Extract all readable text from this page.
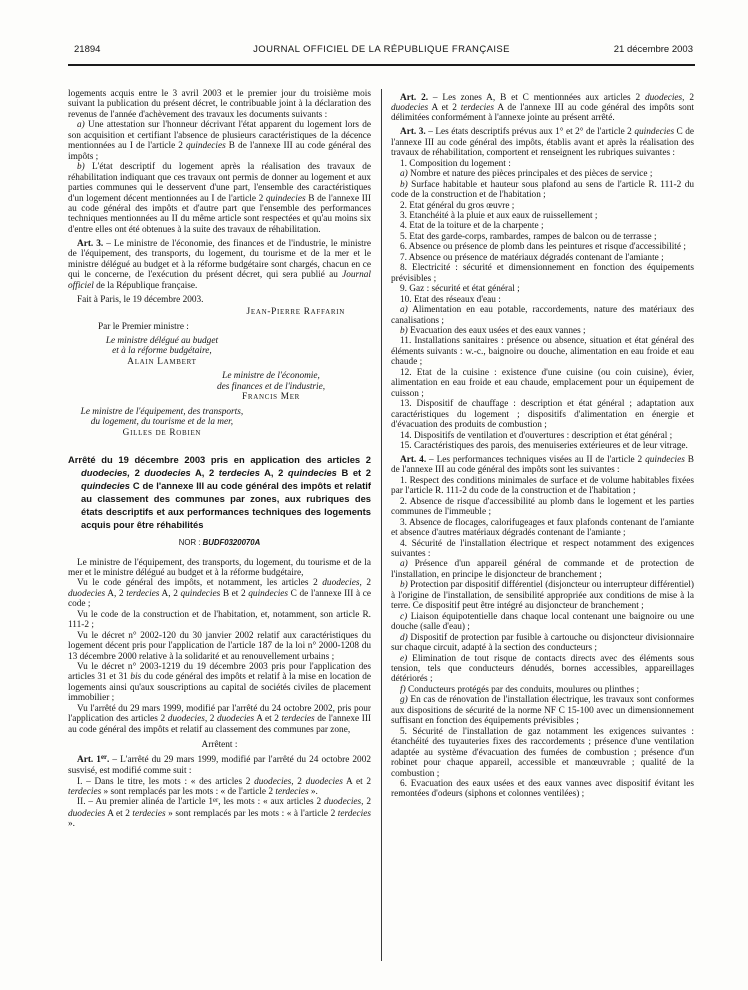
21894	JOURNAL OFFICIEL DE LA RÉPUBLIQUE FRANÇAISE	21 décembre 2003
logements acquis entre le 3 avril 2003 et le premier jour du troisième mois suivant la publication du présent décret, le contribuable joint à la déclaration des revenus de l'année d'achèvement des travaux les documents suivants :
a) Une attestation sur l'honneur décrivant l'état apparent du logement lors de son acquisition et certifiant l'absence de plusieurs caractéristiques de la décence mentionnées au I de l'article 2 quindecies B de l'annexe III au code général des impôts ;
b) L'état descriptif du logement après la réalisation des travaux de réhabilitation indiquant que ces travaux ont permis de donner au logement et aux parties communes qui le desservent d'une part, l'ensemble des caractéristiques d'un logement décent mentionnées au I de l'article 2 quindecies B de l'annexe III au code général des impôts et d'autre part que l'ensemble des performances techniques mentionnées au II du même article sont respectées et qu'au moins six d'entre elles ont été obtenues à la suite des travaux de réhabilitation.
Art. 3. – Le ministre de l'économie, des finances et de l'industrie, le ministre de l'équipement, des transports, du logement, du tourisme et de la mer et le ministre délégué au budget et à la réforme budgétaire sont chargés, chacun en ce qui le concerne, de l'exécution du présent décret, qui sera publié au Journal officiel de la République française.
Fait à Paris, le 19 décembre 2003.
Jean-Pierre Raffarin
Par le Premier ministre :
Le ministre délégué au budget
et à la réforme budgétaire,
Alain Lambert
Le ministre de l'économie,
des finances et de l'industrie,
Francis Mer
Le ministre de l'équipement, des transports,
du logement, du tourisme et de la mer,
Gilles de Robien
Arrêté du 19 décembre 2003 pris en application des articles 2 duodecies, 2 duodecies A, 2 terdecies A, 2 quindecies B et 2 quindecies C de l'annexe III au code général des impôts et relatif au classement des communes par zones, aux rubriques des états descriptifs et aux performances techniques des logements acquis pour être réhabilités
NOR : BUDF0320070A
Le ministre de l'équipement, des transports, du logement, du tourisme et de la mer et le ministre délégué au budget et à la réforme budgétaire,
Vu le code général des impôts, et notamment, les articles 2 duodecies, 2 duodecies A, 2 terdecies A, 2 quindecies B et 2 quindecies C de l'annexe III à ce code ;
Vu le code de la construction et de l'habitation, et, notamment, son article R. 111-2 ;
Vu le décret n° 2002-120 du 30 janvier 2002 relatif aux caractéristiques du logement décent pris pour l'application de l'article 187 de la loi n° 2000-1208 du 13 décembre 2000 relative à la solidarité et au renouvellement urbains ;
Vu le décret n° 2003-1219 du 19 décembre 2003 pris pour l'application des articles 31 et 31 bis du code général des impôts et relatif à la mise en location de logements ainsi qu'aux souscriptions au capital de sociétés civiles de placement immobilier ;
Vu l'arrêté du 29 mars 1999, modifié par l'arrêté du 24 octobre 2002, pris pour l'application des articles 2 duodecies, 2 duodecies A et 2 terdecies de l'annexe III au code général des impôts et relatif au classement des communes par zone,
Arrêtent :
Art. 1er. – L'arrêté du 29 mars 1999, modifié par l'arrêté du 24 octobre 2002 susvisé, est modifié comme suit :
I. – Dans le titre, les mots : « des articles 2 duodecies, 2 duodecies A et 2 terdecies » sont remplacés par les mots : « de l'article 2 terdecies ».
II. – Au premier alinéa de l'article 1er, les mots : « aux articles 2 duodecies, 2 duodecies A et 2 terdecies » sont remplacés par les mots : « à l'article 2 terdecies ».
Art. 2. – Les zones A, B et C mentionnées aux articles 2 duodecies, 2 duodecies A et 2 terdecies A de l'annexe III au code général des impôts sont délimitées conformément à l'annexe jointe au présent arrêté.
Art. 3. – Les états descriptifs prévus aux 1° et 2° de l'article 2 quindecies C de l'annexe III au code général des impôts, établis avant et après la réalisation des travaux de réhabilitation, comportent et renseignent les rubriques suivantes :
1. Composition du logement :
a) Nombre et nature des pièces principales et des pièces de service ;
b) Surface habitable et hauteur sous plafond au sens de l'article R. 111-2 du code de la construction et de l'habitation ;
2. Etat général du gros œuvre ;
3. Etanchéité à la pluie et aux eaux de ruissellement ;
4. Etat de la toiture et de la charpente ;
5. Etat des garde-corps, rambardes, rampes de balcon ou de terrasse ;
6. Absence ou présence de plomb dans les peintures et risque d'accessibilité ;
7. Absence ou présence de matériaux dégradés contenant de l'amiante ;
8. Electricité : sécurité et dimensionnement en fonction des équipements prévisibles ;
9. Gaz : sécurité et état général ;
10. Etat des réseaux d'eau :
a) Alimentation en eau potable, raccordements, nature des matériaux des canalisations ;
b) Evacuation des eaux usées et des eaux vannes ;
11. Installations sanitaires : présence ou absence, situation et état général des éléments suivants : w.-c., baignoire ou douche, alimentation en eau froide et eau chaude ;
12. Etat de la cuisine : existence d'une cuisine (ou coin cuisine), évier, alimentation en eau froide et eau chaude, emplacement pour un équipement de cuisson ;
13. Dispositif de chauffage : description et état général ; adaptation aux caractéristiques du logement ; dispositifs d'alimentation en énergie et d'évacuation des produits de combustion ;
14. Dispositifs de ventilation et d'ouvertures : description et état général ;
15. Caractéristiques des parois, des menuiseries extérieures et de leur vitrage.
Art. 4. – Les performances techniques visées au II de l'article 2 quindecies B de l'annexe III au code général des impôts sont les suivantes :
1. Respect des conditions minimales de surface et de volume habitables fixées par l'article R. 111-2 du code de la construction et de l'habitation ;
2. Absence de risque d'accessibilité au plomb dans le logement et les parties communes de l'immeuble ;
3. Absence de flocages, calorifugeages et faux plafonds contenant de l'amiante et absence d'autres matériaux dégradés contenant de l'amiante ;
4. Sécurité de l'installation électrique et respect notamment des exigences suivantes :
a) Présence d'un appareil général de commande et de protection de l'installation, en principe le disjoncteur de branchement ;
b) Protection par dispositif différentiel (disjoncteur ou interrupteur différentiel) à l'origine de l'installation, de sensibilité appropriée aux conditions de mise à la terre. Ce dispositif peut être intégré au disjoncteur de branchement ;
c) Liaison équipotentielle dans chaque local contenant une baignoire ou une douche (salle d'eau) ;
d) Dispositif de protection par fusible à cartouche ou disjoncteur divisionnaire sur chaque circuit, adapté à la section des conducteurs ;
e) Elimination de tout risque de contacts directs avec des éléments sous tension, tels que conducteurs dénudés, bornes accessibles, appareillages détériorés ;
f) Conducteurs protégés par des conduits, moulures ou plinthes ;
g) En cas de rénovation de l'installation électrique, les travaux sont conformes aux dispositions de sécurité de la norme NF C 15-100 avec un dimensionnement suffisant en fonction des équipements prévisibles ;
5. Sécurité de l'installation de gaz notamment les exigences suivantes : étanchéité des tuyauteries fixes des raccordements ; présence d'une ventilation adaptée au système d'évacuation des fumées de combustion ; présence d'un robinet pour chaque appareil, accessible et manœuvrable ; qualité de la combustion ;
6. Evacuation des eaux usées et des eaux vannes avec dispositif évitant les remontées d'odeurs (siphons et colonnes ventilées) ;
